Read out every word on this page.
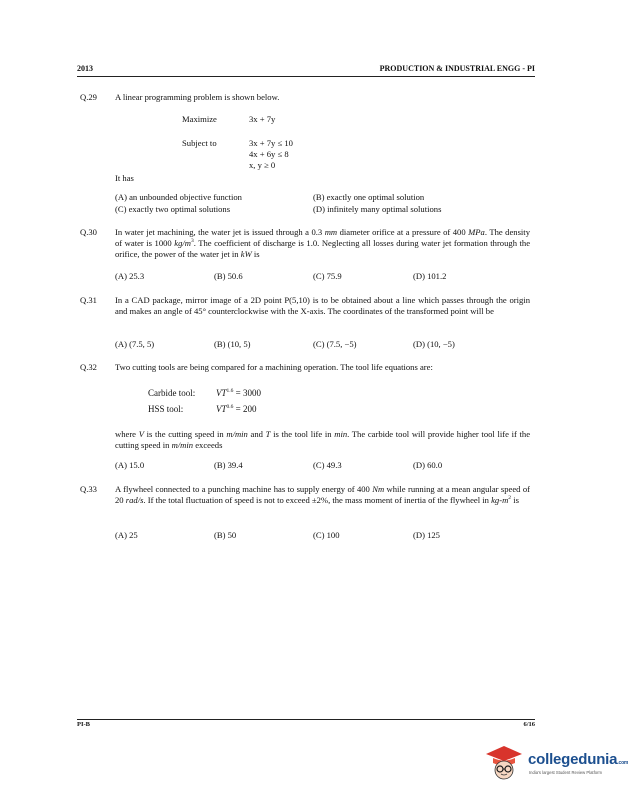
2013	PRODUCTION & INDUSTRIAL ENGG - PI
Q.29	A linear programming problem is shown below.
Maximize	3x + 7y
Subject to	3x + 7y ≤ 10
4x + 6y ≤ 8
x, y ≥ 0
It has
(A) an unbounded objective function	(B) exactly one optimal solution
(C) exactly two optimal solutions	(D) infinitely many optimal solutions
Q.30	In water jet machining, the water jet is issued through a 0.3 mm diameter orifice at a pressure of 400 MPa. The density of water is 1000 $kg/m^3$. The coefficient of discharge is 1.0. Neglecting all losses during water jet formation through the orifice, the power of the water jet in kW is
(A) 25.3	(B) 50.6	(C) 75.9	(D) 101.2
Q.31	In a CAD package, mirror image of a 2D point P(5,10) is to be obtained about a line which passes through the origin and makes an angle of 45° counterclockwise with the X-axis. The coordinates of the transformed point will be
(A) (7.5, 5)	(B) (10, 5)	(C) (7.5, −5)	(D) (10, −5)
Q.32	Two cutting tools are being compared for a machining operation. The tool life equations are:
Carbide tool: $VT^{1.6} = 3000$
HSS tool:	$VT^{0.6} = 200$
where V is the cutting speed in m/min and T is the tool life in min. The carbide tool will provide higher tool life if the cutting speed in m/min exceeds
(A) 15.0	(B) 39.4	(C) 49.3	(D) 60.0
Q.33	A flywheel connected to a punching machine has to supply energy of 400 Nm while running at a mean angular speed of 20 rad/s. If the total fluctuation of speed is not to exceed ±2%, the mass moment of inertia of the flywheel in $kg-m^2$ is
(A) 25	(B) 50	(C) 100	(D) 125
PI-B	6/16
collegedunia.com
India's largest Student Review Platform
